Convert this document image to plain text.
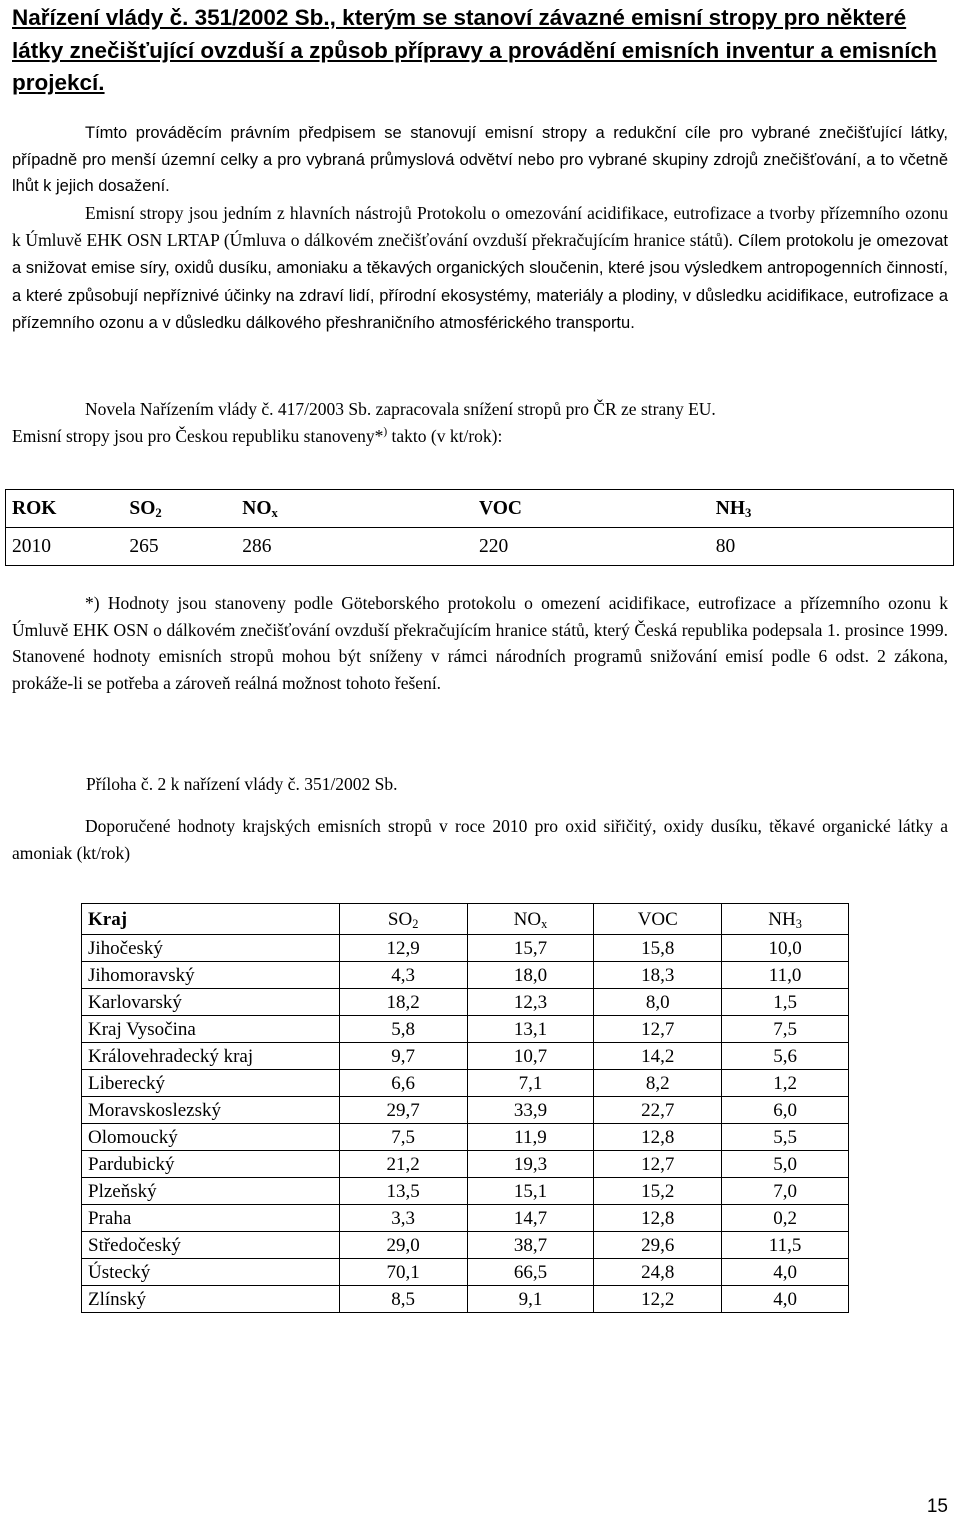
Nařízení vlády č. 351/2002 Sb., kterým se stanoví závazné emisní stropy pro některé látky znečišťující ovzduší a způsob přípravy a provádění emisních inventur a emisních projekcí.
Tímto prováděcím právním předpisem se stanovují emisní stropy a redukční cíle pro vybrané znečišťující látky, případně pro menší územní celky a pro vybraná průmyslová odvětví nebo pro vybrané skupiny zdrojů znečišťování, a to včetně lhůt k jejich dosažení.
Emisní stropy jsou jedním z hlavních nástrojů Protokolu o omezování acidifikace, eutrofizace a tvorby přízemního ozonu k Úmluvě EHK OSN LRTAP (Úmluva o dálkovém znečišťování ovzduší překračujícím hranice států). Cílem protokolu je omezovat a snižovat emise síry, oxidů dusíku, amoniaku a těkavých organických sloučenin, které jsou výsledkem antropogenních činností, a které způsobují nepříznivé účinky na zdraví lidí, přírodní ekosystémy, materiály a plodiny, v důsledku acidifikace, eutrofizace a přízemního ozonu a v důsledku dálkového přeshraničního atmosférického transportu.
Novela Nařízením vlády č. 417/2003 Sb. zapracovala snížení stropů pro ČR ze strany EU.
Emisní stropy jsou pro Českou republiku stanoveny*) takto (v kt/rok):
ROK	$SO_2$	$NO_x$	VOC	$NH_3$
2010	265	286	220	80
*) Hodnoty jsou stanoveny podle Göteborského protokolu o omezení acidifikace, eutrofizace a přízemního ozonu k Úmluvě EHK OSN o dálkovém znečišťování ovzduší překračujícím hranice států, který Česká republika podepsala 1. prosince 1999. Stanovené hodnoty emisních stropů mohou být sníženy v rámci národních programů snižování emisí podle 6 odst. 2 zákona, prokáže-li se potřeba a zároveň reálná možnost tohoto řešení.
Příloha č. 2 k nařízení vlády č. 351/2002 Sb.
Doporučené hodnoty krajských emisních stropů v roce 2010 pro oxid siřičitý, oxidy dusíku, těkavé organické látky a amoniak (kt/rok)
Kraj	$SO_2$	$NO_x$	VOC	$NH_3$
Jihočeský	12,9	15,7	15,8	10,0
Jihomoravský	4,3	18,0	18,3	11,0
Karlovarský	18,2	12,3	8,0	1,5
Kraj Vysočina	5,8	13,1	12,7	7,5
Královehradecký kraj	9,7	10,7	14,2	5,6
Liberecký	6,6	7,1	8,2	1,2
Moravskoslezský	29,7	33,9	22,7	6,0
Olomoucký	7,5	11,9	12,8	5,5
Pardubický	21,2	19,3	12,7	5,0
Plzeňský	13,5	15,1	15,2	7,0
Praha	3,3	14,7	12,8	0,2
Středočeský	29,0	38,7	29,6	11,5
Ústecký	70,1	66,5	24,8	4,0
Zlínský	8,5	9,1	12,2	4,0
15
